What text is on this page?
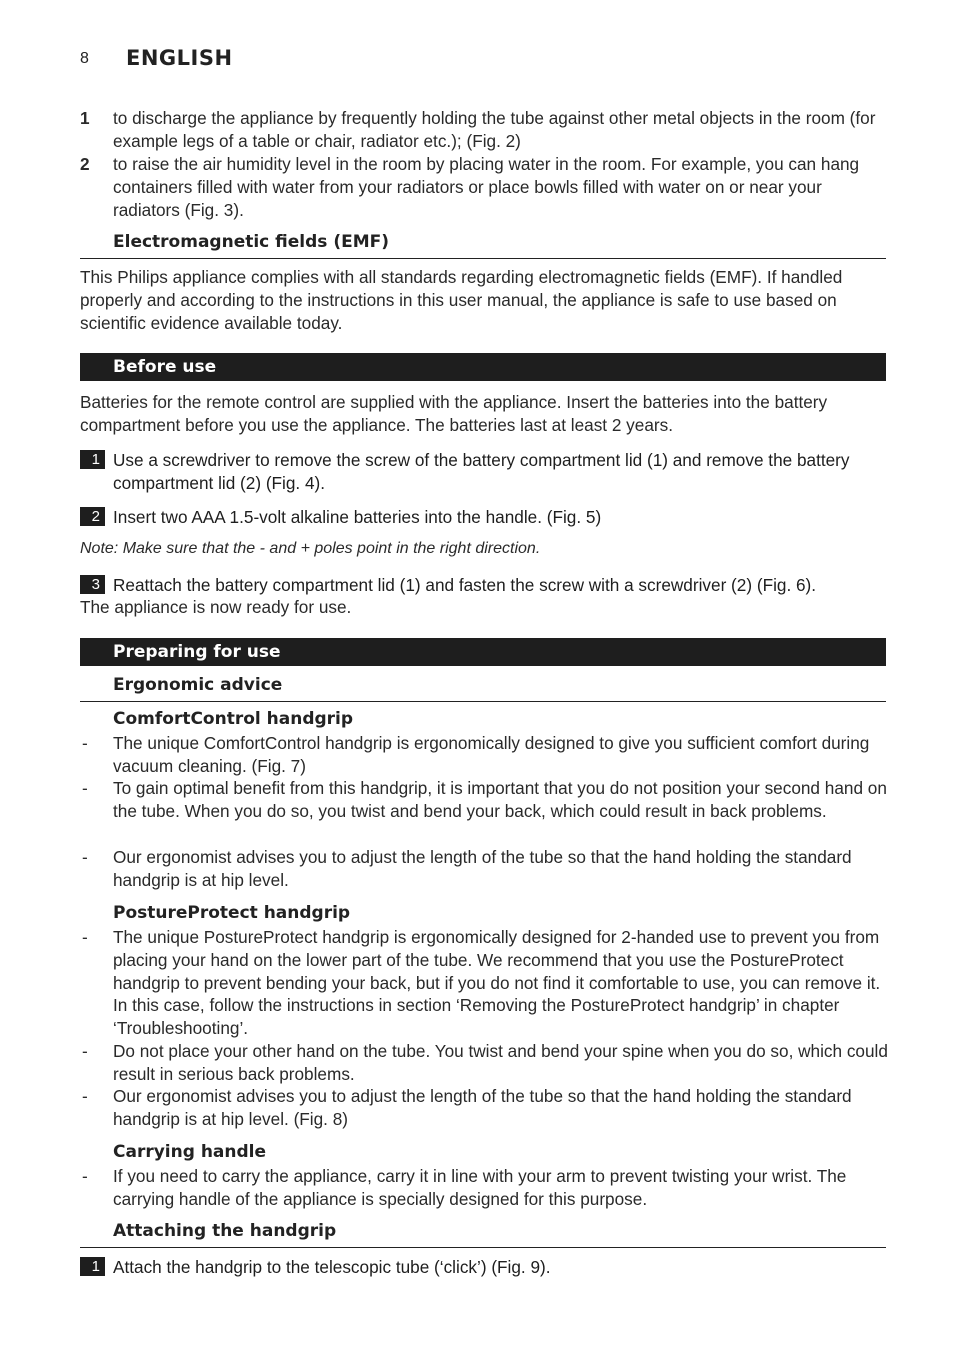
8 ENGLISH
1 to discharge the appliance by frequently holding the tube against other metal objects in the room (for example legs of a table or chair, radiator etc.); (Fig. 2)
2 to raise the air humidity level in the room by placing water in the room. For example, you can hang containers filled with water from your radiators or place bowls filled with water on or near your radiators (Fig. 3).
Electromagnetic fields (EMF)
This Philips appliance complies with all standards regarding electromagnetic fields (EMF). If handled properly and according to the instructions in this user manual, the appliance is safe to use based on scientific evidence available today.
Before use
Batteries for the remote control are supplied with the appliance. Insert the batteries into the battery compartment before you use the appliance. The batteries last at least 2 years.
1 Use a screwdriver to remove the screw of the battery compartment lid (1) and remove the battery compartment lid (2) (Fig. 4).
2 Insert two AAA 1.5-volt alkaline batteries into the handle. (Fig. 5)
Note: Make sure that the - and + poles point in the right direction.
3 Reattach the battery compartment lid (1) and fasten the screw with a screwdriver (2) (Fig. 6).
The appliance is now ready for use.
Preparing for use
Ergonomic advice
ComfortControl handgrip
- The unique ComfortControl handgrip is ergonomically designed to give you sufficient comfort during vacuum cleaning. (Fig. 7)
- To gain optimal benefit from this handgrip, it is important that you do not position your second hand on the tube. When you do so, you twist and bend your back, which could result in back problems.
- Our ergonomist advises you to adjust the length of the tube so that the hand holding the standard handgrip is at hip level.
PostureProtect handgrip
- The unique PostureProtect handgrip is ergonomically designed for 2-handed use to prevent you from placing your hand on the lower part of the tube. We recommend that you use the PostureProtect handgrip to prevent bending your back, but if you do not find it comfortable to use, you can remove it. In this case, follow the instructions in section ‘Removing the PostureProtect handgrip’ in chapter ‘Troubleshooting’.
- Do not place your other hand on the tube. You twist and bend your spine when you do so, which could result in serious back problems.
- Our ergonomist advises you to adjust the length of the tube so that the hand holding the standard handgrip is at hip level. (Fig. 8)
Carrying handle
- If you need to carry the appliance, carry it in line with your arm to prevent twisting your wrist. The carrying handle of the appliance is specially designed for this purpose.
Attaching the handgrip
1 Attach the handgrip to the telescopic tube (‘click’) (Fig. 9).
